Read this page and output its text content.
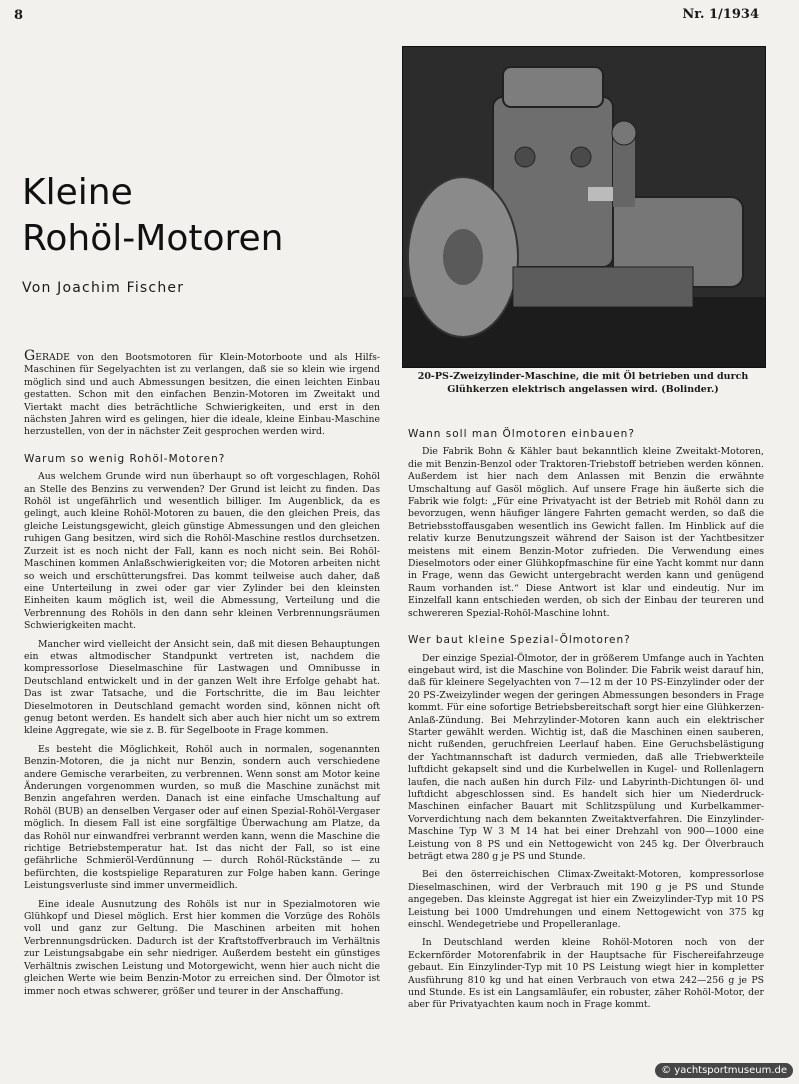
8	Nr. 1/1934
Kleine
Rohöl-Motoren
Von Joachim Fischer
20-PS-Zweizylinder-Maschine, die mit Öl betrieben und durch Glühkerzen elektrisch angelassen wird. (Bolinder.)

GERADE von den Bootsmotoren für Klein-Motorboote und als Hilfs-Maschinen für Segelyachten ist zu verlangen, daß sie so klein wie irgend möglich sind und auch Abmessungen besitzen, die einen leichten Einbau gestatten. Schon mit den einfachen Benzin-Motoren im Zweitakt und Viertakt macht dies beträchtliche Schwierigkeiten, und erst in den nächsten Jahren wird es gelingen, hier die ideale, kleine Einbau-Maschine herzustellen, von der in nächster Zeit gesprochen werden wird.

Warum so wenig Rohöl-Motoren?

Aus welchem Grunde wird nun überhaupt so oft vorgeschlagen, Rohöl an Stelle des Benzins zu verwenden? Der Grund ist leicht zu finden. Das Rohöl ist ungefährlich und wesentlich billiger. Im Augenblick, da es gelingt, auch kleine Rohöl-Motoren zu bauen, die den gleichen Preis, das gleiche Leistungsgewicht, gleich günstige Abmessungen und den gleichen ruhigen Gang besitzen, wird sich die Rohöl-Maschine restlos durchsetzen. Zurzeit ist es noch nicht der Fall, kann es noch nicht sein. Bei Rohöl-Maschinen kommen Anlaßschwierigkeiten vor; die Motoren arbeiten nicht so weich und erschütterungsfrei. Das kommt teilweise auch daher, daß eine Unterteilung in zwei oder gar vier Zylinder bei den kleinsten Einheiten kaum möglich ist, weil die Abmessung, Verteilung und die Verbrennung des Rohöls in den dann sehr kleinen Verbrennungsräumen Schwierigkeiten macht.

Mancher wird vielleicht der Ansicht sein, daß mit diesen Behauptungen ein etwas altmodischer Standpunkt vertreten ist, nachdem die kompressorlose Dieselmaschine für Lastwagen und Omnibusse in Deutschland entwickelt und in der ganzen Welt ihre Erfolge gehabt hat. Das ist zwar Tatsache, und die Fortschritte, die im Bau leichter Dieselmotoren in Deutschland gemacht worden sind, können nicht oft genug betont werden. Es handelt sich aber auch hier nicht um so extrem kleine Aggregate, wie sie z. B. für Segelboote in Frage kommen.

Es besteht die Möglichkeit, Rohöl auch in normalen, sogenannten Benzin-Motoren, die ja nicht nur Benzin, sondern auch verschiedene andere Gemische verarbeiten, zu verbrennen. Wenn sonst am Motor keine Änderungen vorgenommen wurden, so muß die Maschine zunächst mit Benzin angefahren werden. Danach ist eine einfache Umschaltung auf Rohöl (BUB) an denselben Vergaser oder auf einen Spezial-Rohöl-Vergaser möglich. In diesem Fall ist eine sorgfältige Überwachung am Platze, da das Rohöl nur einwandfrei verbrannt werden kann, wenn die Maschine die richtige Betriebstemperatur hat. Ist das nicht der Fall, so ist eine gefährliche Schmieröl-Verdünnung — durch Rohöl-Rückstände — zu befürchten, die kostspielige Reparaturen zur Folge haben kann. Geringe Leistungsverluste sind immer unvermeidlich.

Eine ideale Ausnutzung des Rohöls ist nur in Spezialmotoren wie Glühkopf und Diesel möglich. Erst hier kommen die Vorzüge des Rohöls voll und ganz zur Geltung. Die Maschinen arbeiten mit hohen Verbrennungsdrücken. Dadurch ist der Kraftstoffverbrauch im Verhältnis zur Leistungsabgabe ein sehr niedriger. Außerdem besteht ein günstiges Verhältnis zwischen Leistung und Motorgewicht, wenn hier auch nicht die gleichen Werte wie beim Benzin-Motor zu erreichen sind. Der Ölmotor ist immer noch etwas schwerer, größer und teurer in der Anschaffung.

Wann soll man Ölmotoren einbauen?

Die Fabrik Bohn & Kähler baut bekanntlich kleine Zweitakt-Motoren, die mit Benzin-Benzol oder Traktoren-Triebstoff betrieben werden können. Außerdem ist hier nach dem Anlassen mit Benzin die erwähnte Umschaltung auf Gasöl möglich. Auf unsere Frage hin äußerte sich die Fabrik wie folgt: „Für eine Privatyacht ist der Betrieb mit Rohöl dann zu bevorzugen, wenn häufiger längere Fahrten gemacht werden, so daß die Betriebsstoffausgaben wesentlich ins Gewicht fallen. Im Hinblick auf die relativ kurze Benutzungszeit während der Saison ist der Yachtbesitzer meistens mit einem Benzin-Motor zufrieden. Die Verwendung eines Dieselmotors oder einer Glühkopfmaschine für eine Yacht kommt nur dann in Frage, wenn das Gewicht untergebracht werden kann und genügend Raum vorhanden ist.“ Diese Antwort ist klar und eindeutig. Nur im Einzelfall kann entschieden werden, ob sich der Einbau der teureren und schwereren Spezial-Rohöl-Maschine lohnt.

Wer baut kleine Spezial-Ölmotoren?

Der einzige Spezial-Ölmotor, der in größerem Umfange auch in Yachten eingebaut wird, ist die Maschine von Bolinder. Die Fabrik weist darauf hin, daß für kleinere Segelyachten von 7—12 m der 10 PS-Einzylinder oder der 20 PS-Zweizylinder wegen der geringen Abmessungen besonders in Frage kommt. Für eine sofortige Betriebsbereitschaft sorgt hier eine Glühkerzen-Anlaß-Zündung. Bei Mehrzylinder-Motoren kann auch ein elektrischer Starter gewählt werden. Wichtig ist, daß die Maschinen einen sauberen, nicht rußenden, geruchfreien Leerlauf haben. Eine Geruchsbelästigung der Yachtmannschaft ist dadurch vermieden, daß alle Triebwerkteile luftdicht gekapselt sind und die Kurbelwellen in Kugel- und Rollenlagern laufen, die nach außen hin durch Filz- und Labyrinth-Dichtungen öl- und luftdicht abgeschlossen sind. Es handelt sich hier um Niederdruck-Maschinen einfacher Bauart mit Schlitzspülung und Kurbelkammer-Vorverdichtung nach dem bekannten Zweitaktverfahren. Die Einzylinder-Maschine Typ W 3 M 14 hat bei einer Drehzahl von 900—1000 eine Leistung von 8 PS und ein Nettogewicht von 245 kg. Der Ölverbrauch beträgt etwa 280 g je PS und Stunde.

Bei den österreichischen Climax-Zweitakt-Motoren, kompressorlose Dieselmaschinen, wird der Verbrauch mit 190 g je PS und Stunde angegeben. Das kleinste Aggregat ist hier ein Zweizylinder-Typ mit 10 PS Leistung bei 1000 Umdrehungen und einem Nettogewicht von 375 kg einschl. Wendegetriebe und Propelleranlage.

In Deutschland werden kleine Rohöl-Motoren noch von der Eckernförder Motorenfabrik in der Hauptsache für Fischereifahrzeuge gebaut. Ein Einzylinder-Typ mit 10 PS Leistung wiegt hier in kompletter Ausführung 810 kg und hat einen Verbrauch von etwa 242—256 g je PS und Stunde. Es ist ein Langsamläufer, ein robuster, zäher Rohöl-Motor, der aber für Privatyachten kaum noch in Frage kommt.

© yachtsportmuseum.de
